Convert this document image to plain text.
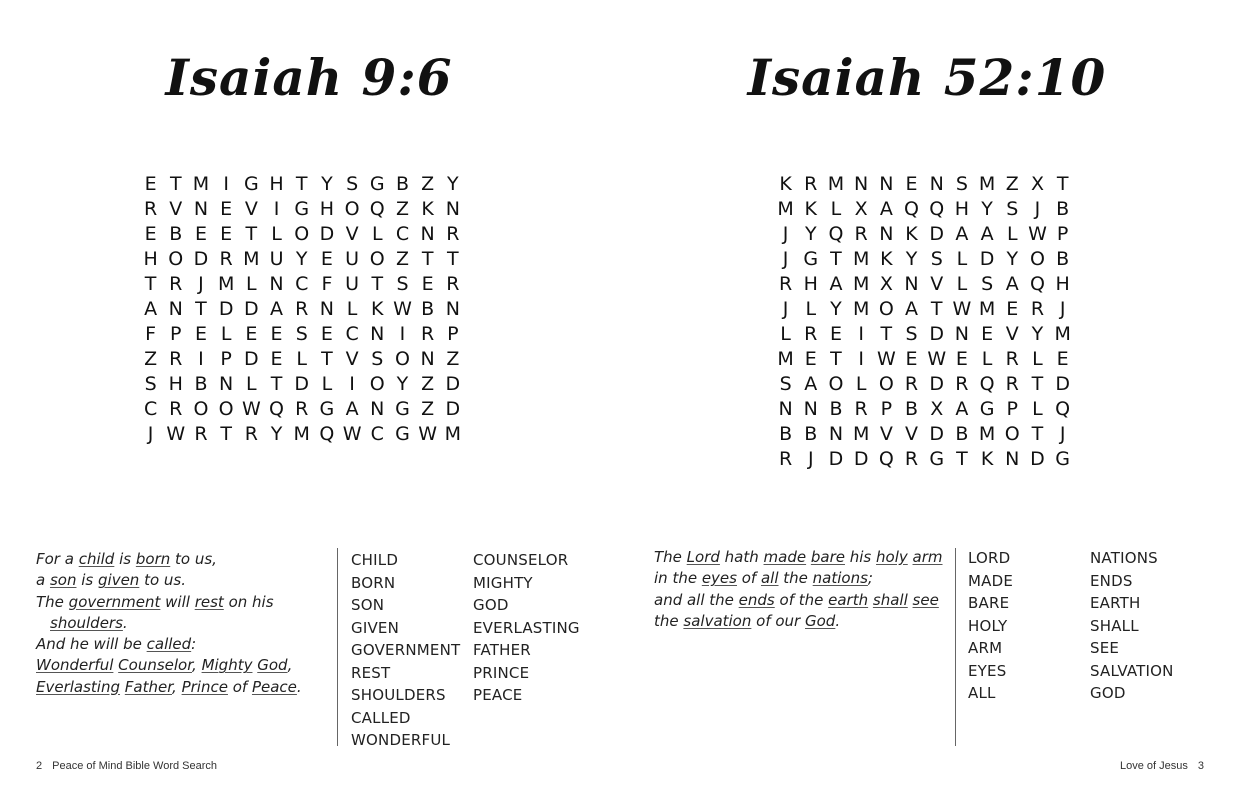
Isaiah 9:6
E T M I G H T Y S G B Z Y
R V N E V I G H O Q Z K N
E B E E T L O D V L C N R
H O D R M U Y E U O Z T T
T R J M L N C F U T S E R
A N T D D A R N L K W B N
F P E L E E S E C N I R P
Z R I P D E L T V S O N Z
S H B N L T D L I O Y Z D
C R O O W Q R G A N G Z D
J W R T R Y M Q W C G W M
For a child is born to us,
a son is given to us.
The government will rest on his
shoulders.
And he will be called:
Wonderful Counselor, Mighty God,
Everlasting Father, Prince of Peace.
CHILD
BORN
SON
GIVEN
GOVERNMENT
REST
SHOULDERS
CALLED
WONDERFUL
COUNSELOR
MIGHTY
GOD
EVERLASTING
FATHER
PRINCE
PEACE
2 Peace of Mind Bible Word Search
Isaiah 52:10
K R M N N E N S M Z X T
M K L X A Q Q H Y S J B
J Y Q R N K D A A L W P
J G T M K Y S L D Y O B
R H A M X N V L S A Q H
J L Y M O A T W M E R J
L R E I T S D N E V Y M
M E T I W E W E L R L E
S A O L O R D R Q R T D
N N B R P B X A G P L Q
B B N M V V D B M O T J
R J D D Q R G T K N D G
The Lord hath made bare his holy arm
in the eyes of all the nations;
and all the ends of the earth shall see
the salvation of our God.
LORD
MADE
BARE
HOLY
ARM
EYES
ALL
NATIONS
ENDS
EARTH
SHALL
SEE
SALVATION
GOD
Love of Jesus 3
